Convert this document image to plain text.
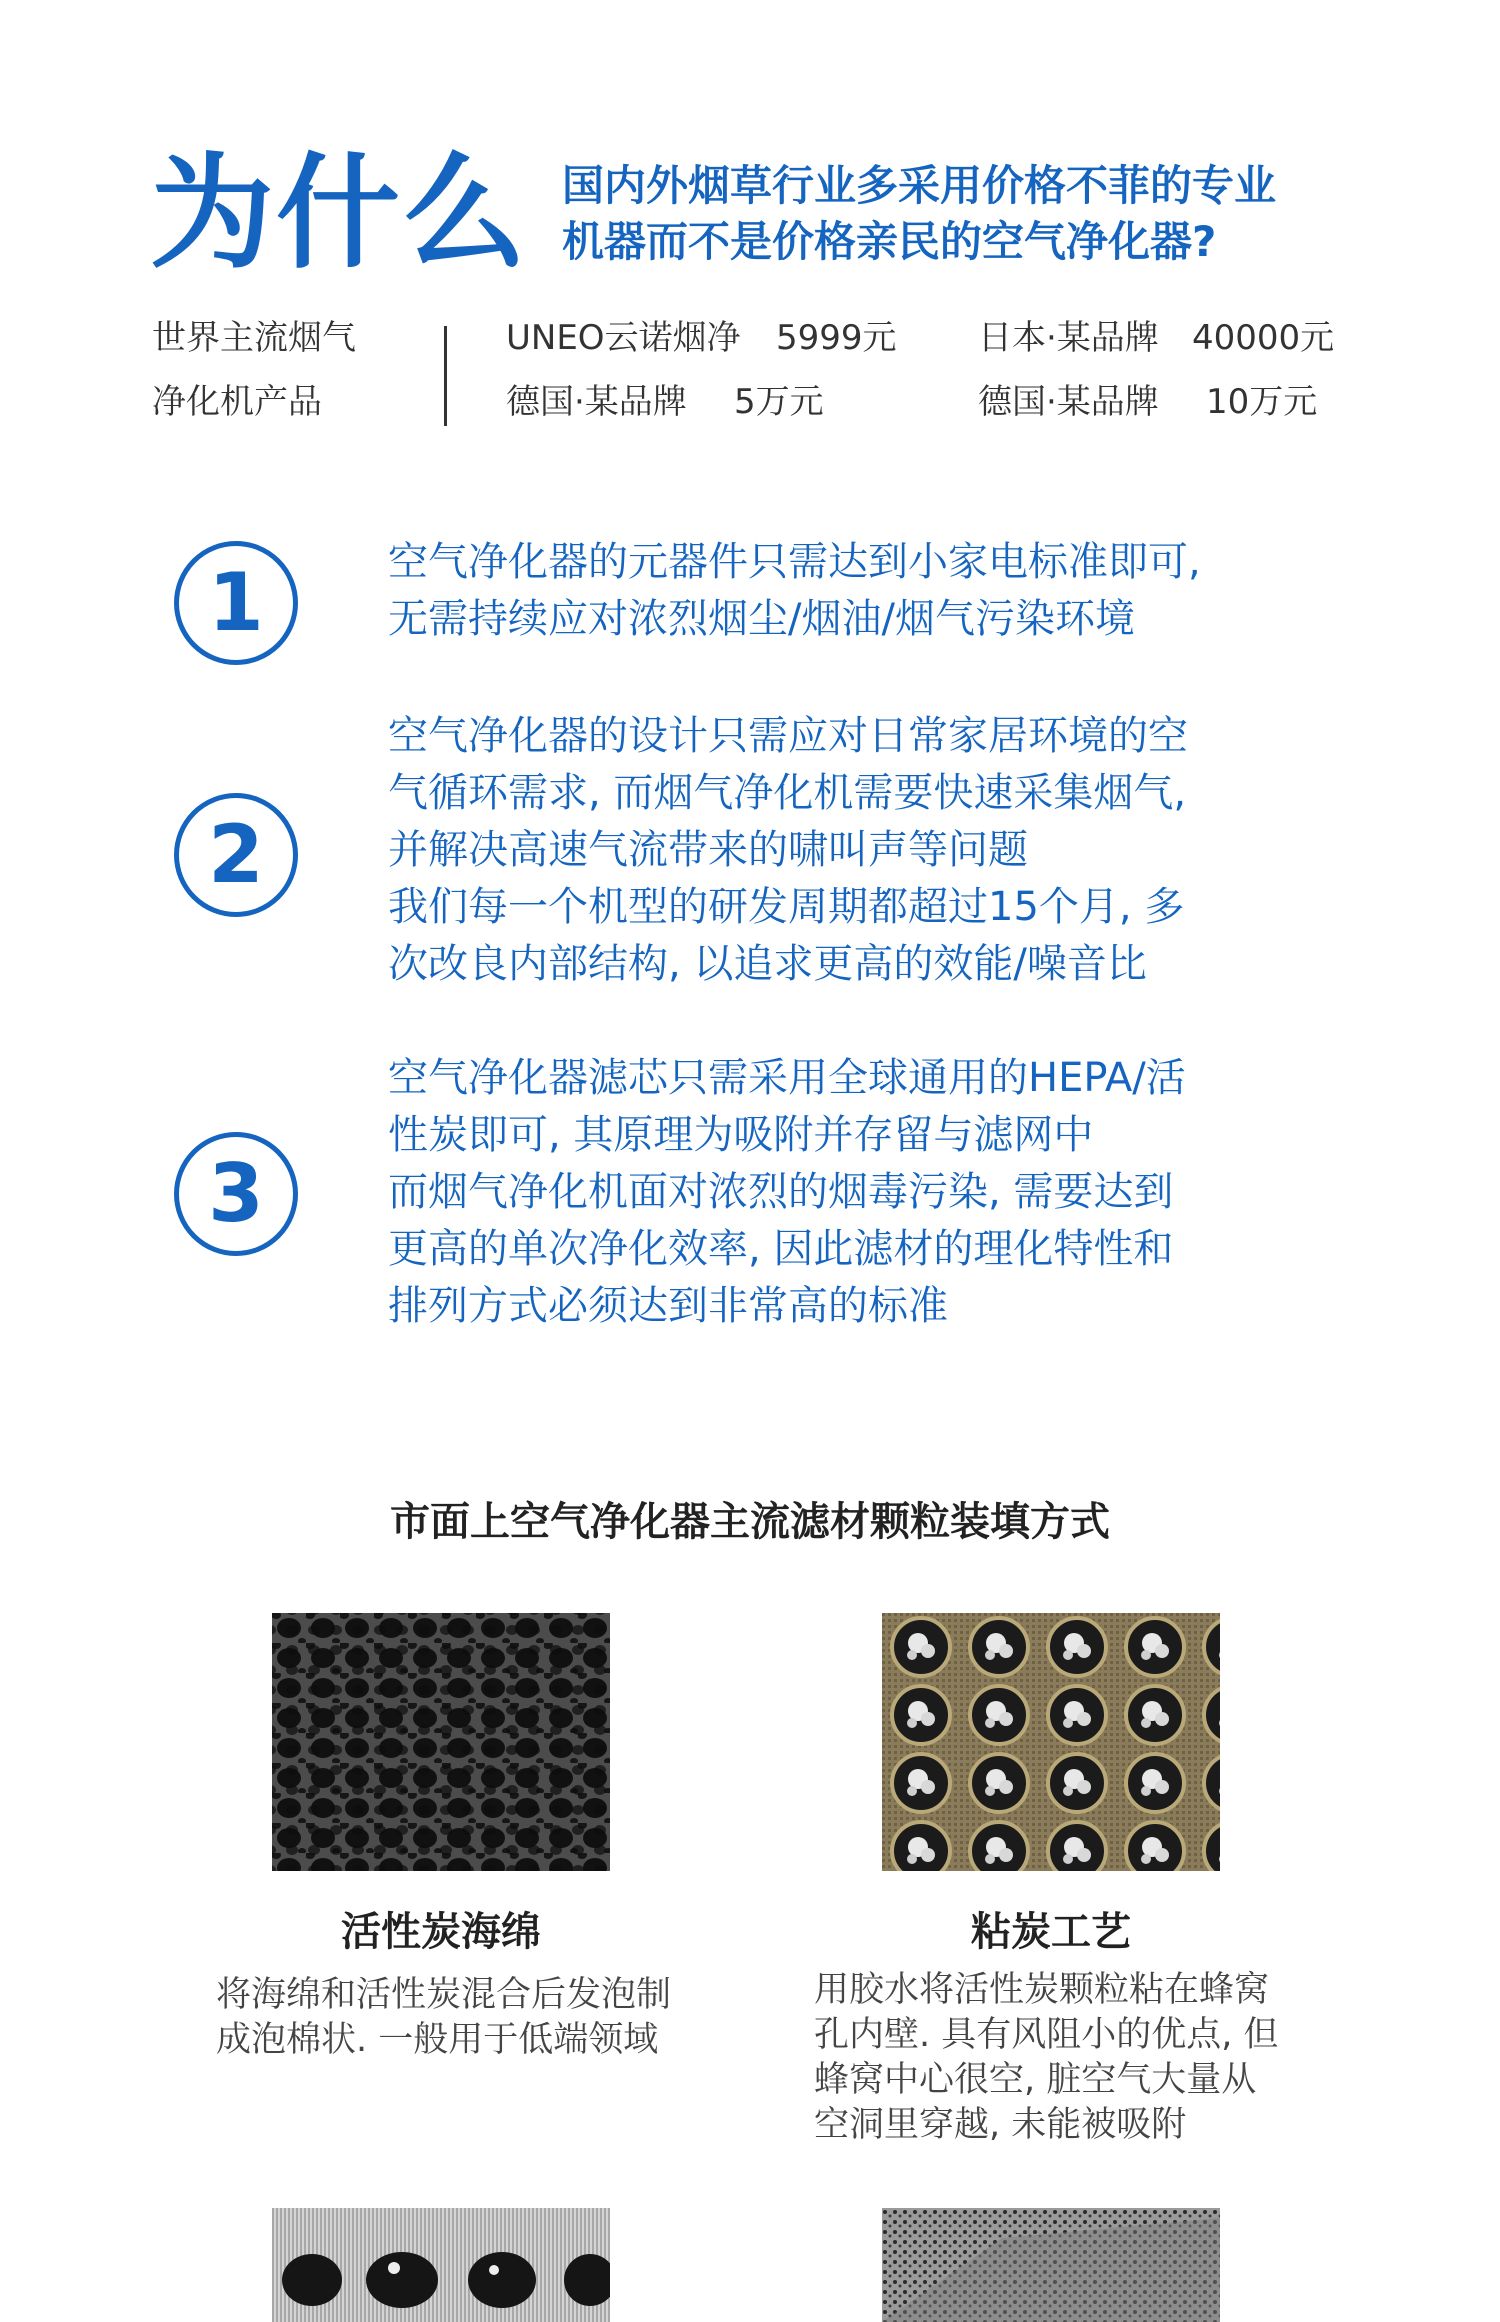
为什么 国内外烟草行业多采用价格不菲的专业
机器而不是价格亲民的空气净化器?
世界主流烟气
净化机产品
UNEO云诺烟净 5999元 日本·某品牌 40000元
德国·某品牌 5万元	德国·某品牌 10万元
1	空气净化器的元器件只需达到小家电标准即可,
无需持续应对浓烈烟尘/烟油/烟气污染环境
2
空气净化器的设计只需应对日常家居环境的空
气循环需求, 而烟气净化机需要快速采集烟气,
并解决高速气流带来的啸叫声等问题
我们每一个机型的研发周期都超过15个月, 多
次改良内部结构, 以追求更高的效能/噪音比
3
空气净化器滤芯只需采用全球通用的HEPA/活
性炭即可, 其原理为吸附并存留与滤网中
而烟气净化机面对浓烈的烟毒污染, 需要达到
更高的单次净化效率, 因此滤材的理化特性和
排列方式必须达到非常高的标准
市面上空气净化器主流滤材颗粒装填方式
活性炭海绵	粘炭工艺
将海绵和活性炭混合后发泡制
成泡棉状. 一般用于低端领域
用胶水将活性炭颗粒粘在蜂窝
孔内壁. 具有风阻小的优点, 但
蜂窝中心很空, 脏空气大量从
空洞里穿越, 未能被吸附
